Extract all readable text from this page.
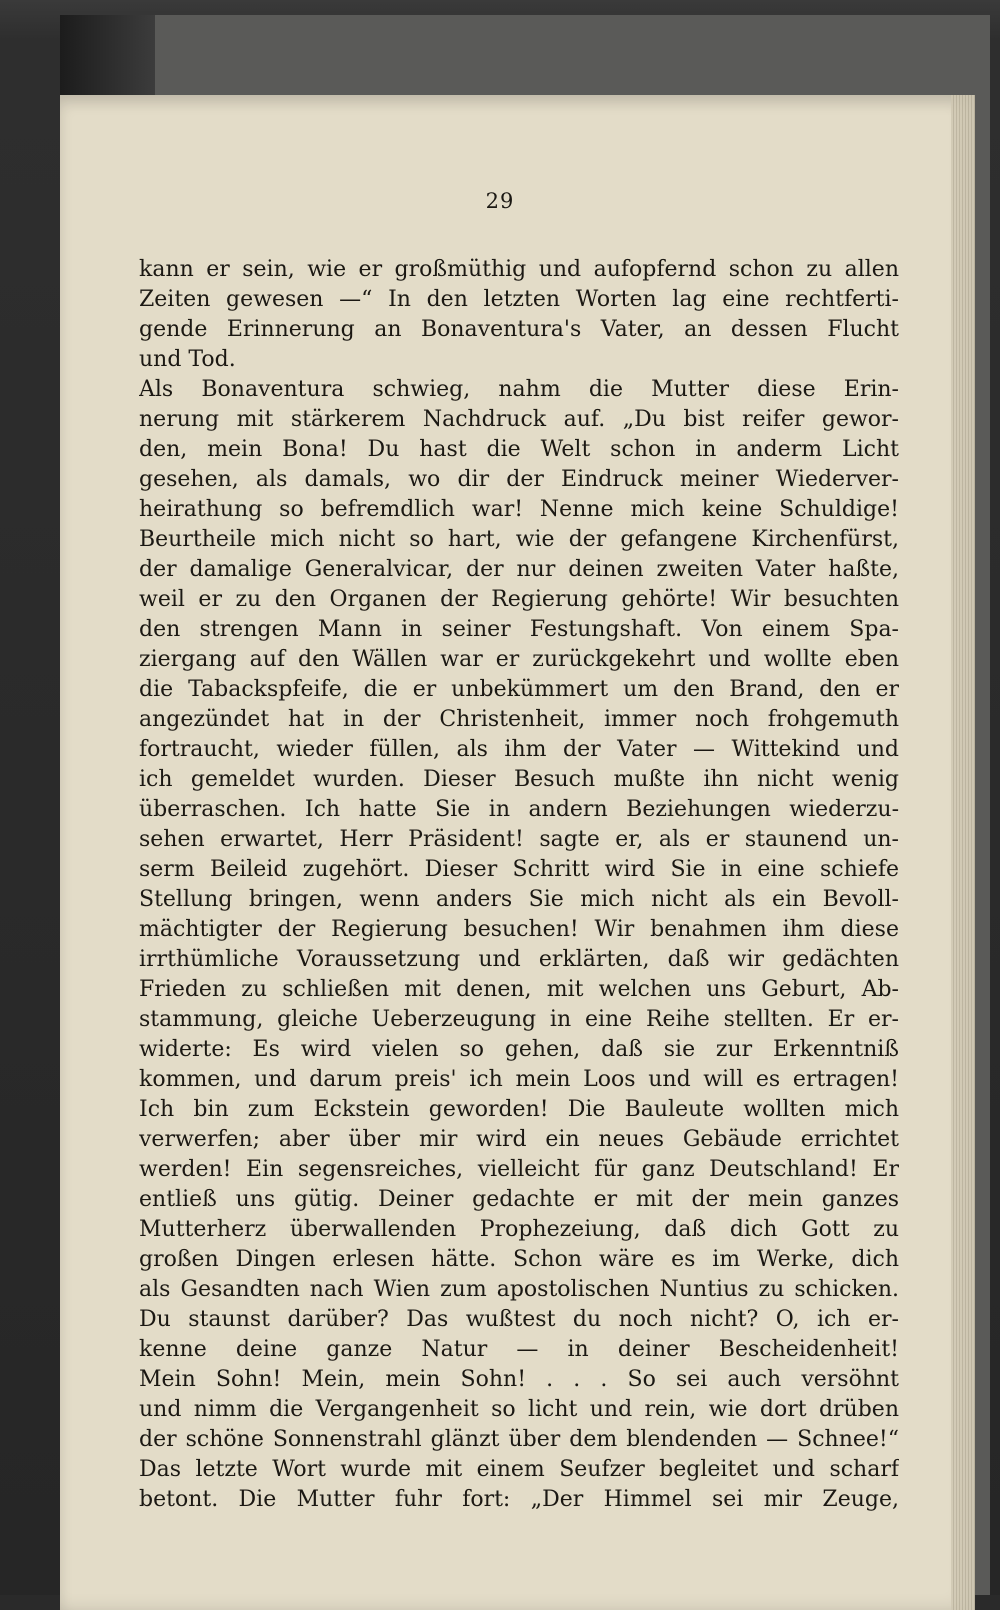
29
kann er sein, wie er großmüthig und aufopfernd schon zu allen
Zeiten gewesen —“ In den letzten Worten lag eine rechtferti-
gende Erinnerung an Bonaventura's Vater, an dessen Flucht
und Tod.
Als Bonaventura schwieg, nahm die Mutter diese Erin-
nerung mit stärkerem Nachdruck auf. „Du bist reifer gewor-
den, mein Bona! Du hast die Welt schon in anderm Licht
gesehen, als damals, wo dir der Eindruck meiner Wiederver-
heirathung so befremdlich war! Nenne mich keine Schuldige!
Beurtheile mich nicht so hart, wie der gefangene Kirchenfürst,
der damalige Generalvicar, der nur deinen zweiten Vater haßte,
weil er zu den Organen der Regierung gehörte! Wir besuchten
den strengen Mann in seiner Festungshaft. Von einem Spa-
ziergang auf den Wällen war er zurückgekehrt und wollte eben
die Tabackspfeife, die er unbekümmert um den Brand, den er
angezündet hat in der Christenheit, immer noch frohgemuth
fortraucht, wieder füllen, als ihm der Vater — Wittekind und
ich gemeldet wurden. Dieser Besuch mußte ihn nicht wenig
überraschen. Ich hatte Sie in andern Beziehungen wiederzu-
sehen erwartet, Herr Präsident! sagte er, als er staunend un-
serm Beileid zugehört. Dieser Schritt wird Sie in eine schiefe
Stellung bringen, wenn anders Sie mich nicht als ein Bevoll-
mächtigter der Regierung besuchen! Wir benahmen ihm diese
irrthümliche Voraussetzung und erklärten, daß wir gedächten
Frieden zu schließen mit denen, mit welchen uns Geburt, Ab-
stammung, gleiche Ueberzeugung in eine Reihe stellten. Er er-
widerte: Es wird vielen so gehen, daß sie zur Erkenntniß
kommen, und darum preis' ich mein Loos und will es ertragen!
Ich bin zum Eckstein geworden! Die Bauleute wollten mich
verwerfen; aber über mir wird ein neues Gebäude errichtet
werden! Ein segensreiches, vielleicht für ganz Deutschland! Er
entließ uns gütig. Deiner gedachte er mit der mein ganzes
Mutterherz überwallenden Prophezeiung, daß dich Gott zu
großen Dingen erlesen hätte. Schon wäre es im Werke, dich
als Gesandten nach Wien zum apostolischen Nuntius zu schicken.
Du staunst darüber? Das wußtest du noch nicht? O, ich er-
kenne deine ganze Natur — in deiner Bescheidenheit!
Mein Sohn! Mein, mein Sohn! . . . So sei auch versöhnt
und nimm die Vergangenheit so licht und rein, wie dort drüben
der schöne Sonnenstrahl glänzt über dem blendenden — Schnee!“
Das letzte Wort wurde mit einem Seufzer begleitet und scharf
betont. Die Mutter fuhr fort: „Der Himmel sei mir Zeuge,
